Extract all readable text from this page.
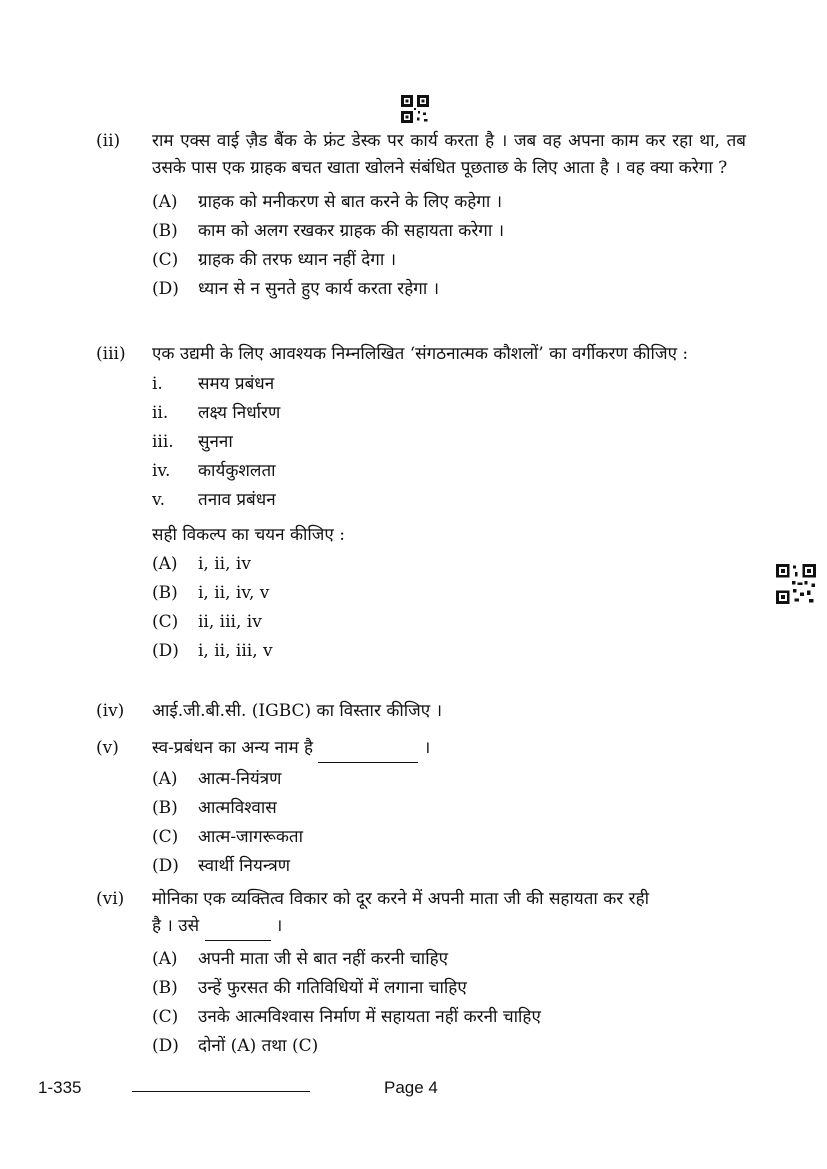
(ii)	राम एक्स वाई ज़ैड बैंक के फ्रंट डेस्क पर कार्य करता है । जब वह अपना काम कर रहा था, तब उसके पास एक ग्राहक बचत खाता खोलने संबंधित पूछताछ के लिए आता है । वह क्या करेगा ?
(A)	ग्राहक को मनीकरण से बात करने के लिए कहेगा ।
(B)	काम को अलग रखकर ग्राहक की सहायता करेगा ।
(C)	ग्राहक की तरफ ध्यान नहीं देगा ।
(D)	ध्यान से न सुनते हुए कार्य करता रहेगा ।
(iii)	एक उद्यमी के लिए आवश्यक निम्नलिखित ‘संगठनात्मक कौशलों’ का वर्गीकरण कीजिए :
i.	समय प्रबंधन
ii.	लक्ष्य निर्धारण
iii.	सुनना
iv.	कार्यकुशलता
v.	तनाव प्रबंधन
सही विकल्प का चयन कीजिए :
(A)	i, ii, iv
(B)	i, ii, iv, v
(C)	ii, iii, iv
(D)	i, ii, iii, v
(iv)	आई.जी.बी.सी. (IGBC) का विस्तार कीजिए ।
(v)	स्व-प्रबंधन का अन्य नाम है	।
(A)	आत्म-नियंत्रण
(B)	आत्मविश्वास
(C)	आत्म-जागरूकता
(D)	स्वार्थी नियन्त्रण
(vi)	मोनिका एक व्यक्तित्व विकार को दूर करने में अपनी माता जी की सहायता कर रही
है । उसे	।
(A)	अपनी माता जी से बात नहीं करनी चाहिए
(B)	उन्हें फुरसत की गतिविधियों में लगाना चाहिए
(C)	उनके आत्मविश्वास निर्माण में सहायता नहीं करनी चाहिए
(D)	दोनों (A) तथा (C)
1-335	Page 4
